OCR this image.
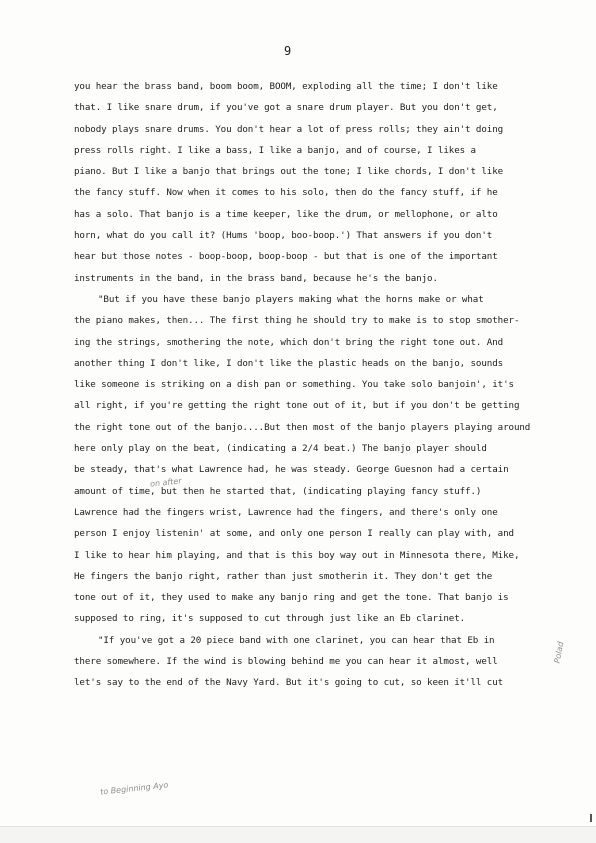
9
you hear the brass band, boom boom, BOOM, exploding all the time; I don't like
that. I like snare drum, if you've got a snare drum player. But you don't get,
nobody plays snare drums. You don't hear a lot of press rolls; they ain't doing
press rolls right. I like a bass, I like a banjo, and of course, I likes a
piano. But I like a banjo that brings out the tone; I like chords, I don't like
the fancy stuff. Now when it comes to his solo, then do the fancy stuff, if he
has a solo. That banjo is a time keeper, like the drum, or mellophone, or alto
horn, what do you call it? (Hums 'boop, boo-boop.') That answers if you don't
hear but those notes - boop-boop, boop-boop - but that is one of the important
instruments in the band, in the brass band, because he's the banjo.
"But if you have these banjo players making what the horns make or what
the piano makes, then... The first thing he should try to make is to stop smother-
ing the strings, smothering the note, which don't bring the right tone out. And
another thing I don't like, I don't like the plastic heads on the banjo, sounds
like someone is striking on a dish pan or something. You take solo banjoin', it's
all right, if you're getting the right tone out of it, but if you don't be getting
the right tone out of the banjo....But then most of the banjo players playing around
here only play on the beat, (indicating a 2/4 beat.) The banjo player should
be steady, that's what Lawrence had, he was steady. George Guesnon had a certain
amount of time, but then he started that, (indicating playing fancy stuff.)
Lawrence had the fingers wrist, Lawrence had the fingers, and there's only one
person I enjoy listenin' at some, and only one person I really can play with, and
I like to hear him playing, and that is this boy way out in Minnesota there, Mike,
He fingers the banjo right, rather than just smotherin it. They don't get the
tone out of it, they used to make any banjo ring and get the tone. That banjo is
supposed to ring, it's supposed to cut through just like an Eb clarinet.
"If you've got a 20 piece band with one clarinet, you can hear that Eb in
there somewhere. If the wind is blowing behind me you can hear it almost, well
let's say to the end of the Navy Yard. But it's going to cut, so keen it'll cut
on after
Polad
to Beginning Ayo
